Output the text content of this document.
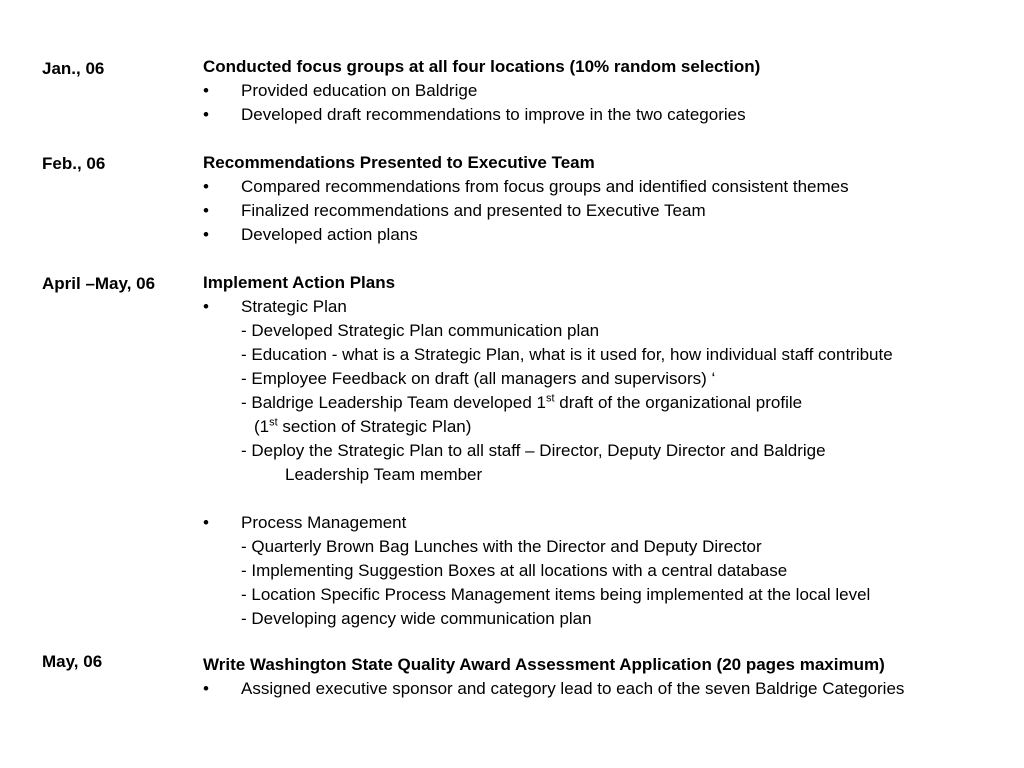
Jan., 06	Conducted focus groups at all four locations (10% random selection)
• Provided education on Baldrige
• Developed draft recommendations to improve in the two categories
Feb., 06	Recommendations Presented to Executive Team
• Compared recommendations from focus groups and identified consistent themes
• Finalized recommendations and presented to Executive Team
• Developed action plans
April –May, 06	Implement Action Plans
• Strategic Plan
- Developed Strategic Plan communication plan
- Education - what is a Strategic Plan, what is it used for, how individual staff contribute
- Employee Feedback on draft (all managers and supervisors) ‘
- Baldrige Leadership Team developed 1st draft of the organizational profile
(1st section of Strategic Plan)
- Deploy the Strategic Plan to all staff – Director, Deputy Director and Baldrige
Leadership Team member
• Process Management
- Quarterly Brown Bag Lunches with the Director and Deputy Director
- Implementing Suggestion Boxes at all locations with a central database
- Location Specific Process Management items being implemented at the local level
- Developing agency wide communication plan
May, 06	Write Washington State Quality Award Assessment Application (20 pages maximum)
• Assigned executive sponsor and category lead to each of the seven Baldrige Categories
